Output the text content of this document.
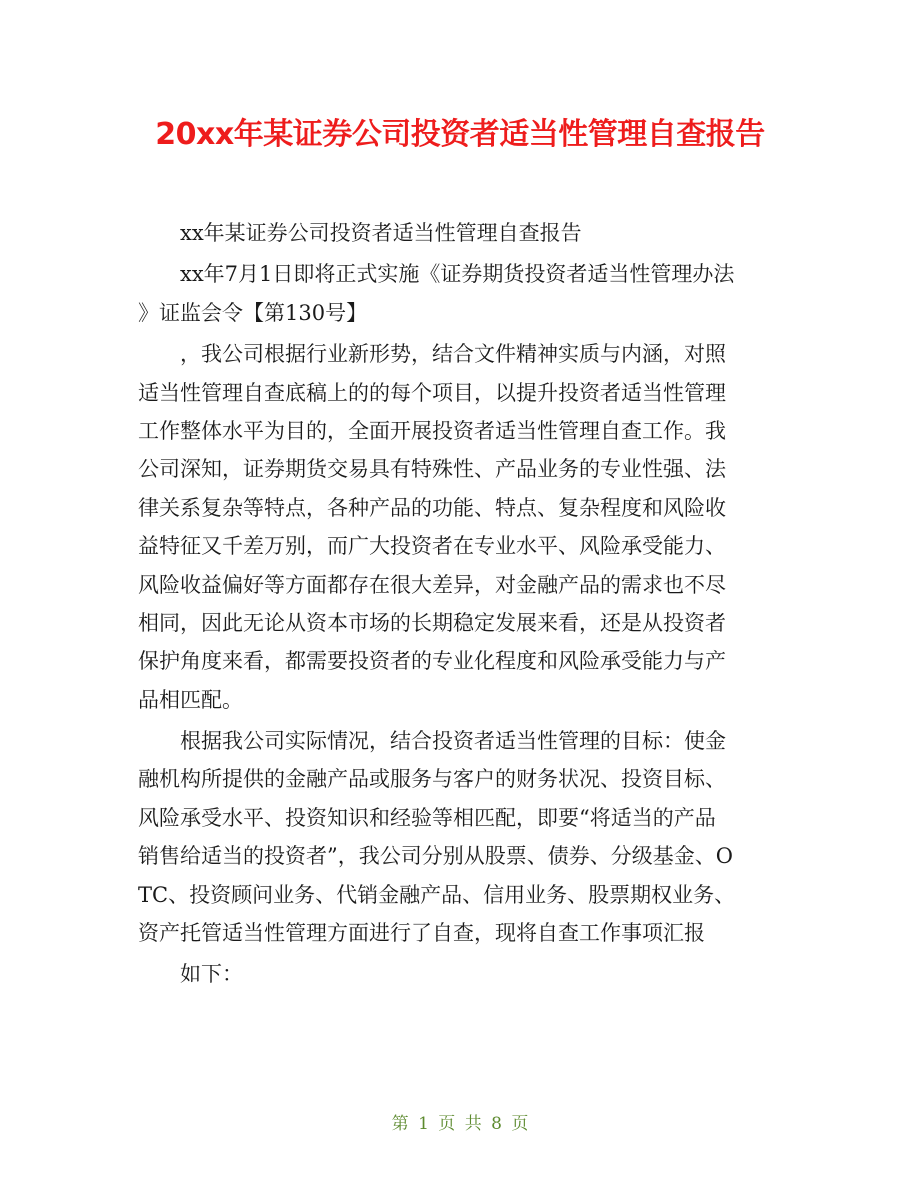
20xx年某证券公司投资者适当性管理自查报告
xx年某证券公司投资者适当性管理自查报告
xx年7月1日即将正式实施《证券期货投资者适当性管理办法
》证监会令【第130号】
，我公司根据行业新形势，结合文件精神实质与内涵，对照
适当性管理自查底稿上的的每个项目，以提升投资者适当性管理
工作整体水平为目的，全面开展投资者适当性管理自查工作。我
公司深知，证券期货交易具有特殊性、产品业务的专业性强、法
律关系复杂等特点，各种产品的功能、特点、复杂程度和风险收
益特征又千差万别，而广大投资者在专业水平、风险承受能力、
风险收益偏好等方面都存在很大差异，对金融产品的需求也不尽
相同，因此无论从资本市场的长期稳定发展来看，还是从投资者
保护角度来看，都需要投资者的专业化程度和风险承受能力与产
品相匹配。
根据我公司实际情况，结合投资者适当性管理的目标：使金
融机构所提供的金融产品或服务与客户的财务状况、投资目标、
风险承受水平、投资知识和经验等相匹配，即要“将适当的产品
销售给适当的投资者”，我公司分别从股票、债券、分级基金、O
TC、投资顾问业务、代销金融产品、信用业务、股票期权业务、
资产托管适当性管理方面进行了自查，现将自查工作事项汇报
如下：
第 1 页 共 8 页
